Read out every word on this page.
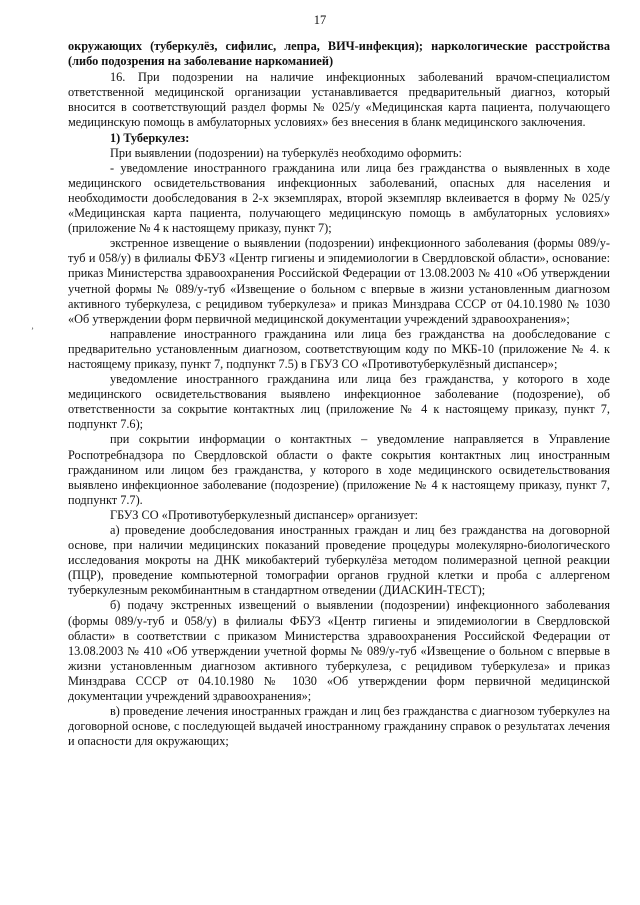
17
ʼ

окружающих (туберкулёз, сифилис, лепра, ВИЧ-инфекция); наркологические расстройства (либо подозрения на заболевание наркоманией)

16. При подозрении на наличие инфекционных заболеваний врачом-специалистом ответственной медицинской организации устанавливается предварительный диагноз, который вносится в соответствующий раздел формы № 025/у «Медицинская карта пациента, получающего медицинскую помощь в амбулаторных условиях» без внесения в бланк медицинского заключения.

1) Туберкулез:

При выявлении (подозрении) на туберкулёз необходимо оформить:

- уведомление иностранного гражданина или лица без гражданства о выявленных в ходе медицинского освидетельствования инфекционных заболеваний, опасных для населения и необходимости дообследования в 2-х экземплярах, второй экземпляр вклеивается в форму № 025/у «Медицинская карта пациента, получающего медицинскую помощь в амбулаторных условиях» (приложение № 4 к настоящему приказу, пункт 7);

экстренное извещение о выявлении (подозрении) инфекционного заболевания (формы 089/у-туб и 058/у) в филиалы ФБУЗ «Центр гигиены и эпидемиологии в Свердловской области», основание: приказ Министерства здравоохранения Российской Федерации от 13.08.2003 № 410 «Об утверждении учетной формы № 089/у-туб «Извещение о больном с впервые в жизни установленным диагнозом активного туберкулеза, с рецидивом туберкулеза» и приказ Минздрава СССР от 04.10.1980 № 1030 «Об утверждении форм первичной медицинской документации учреждений здравоохранения»;

направление иностранного гражданина или лица без гражданства на дообследование с предварительно установленным диагнозом, соответствующим коду по МКБ-10 (приложение № 4. к настоящему приказу, пункт 7, подпункт 7.5) в ГБУЗ СО «Противотуберкулёзный диспансер»;

уведомление иностранного гражданина или лица без гражданства, у которого в ходе медицинского освидетельствования выявлено инфекционное заболевание (подозрение), об ответственности за сокрытие контактных лиц (приложение № 4 к настоящему приказу, пункт 7, подпункт 7.6);

при сокрытии информации о контактных – уведомление направляется в Управление Роспотребнадзора по Свердловской области о факте сокрытия контактных лиц иностранным гражданином или лицом без гражданства, у которого в ходе медицинского освидетельствования выявлено инфекционное заболевание (подозрение) (приложение № 4 к настоящему приказу, пункт 7, подпункт 7.7).

ГБУЗ СО «Противотуберкулезный диспансер» организует:

а) проведение дообследования иностранных граждан и лиц без гражданства на договорной основе, при наличии медицинских показаний проведение процедуры молекулярно-биологического исследования мокроты на ДНК микобактерий туберкулёза методом полимеразной цепной реакции (ПЦР), проведение компьютерной томографии органов грудной клетки и проба с аллергеном туберкулезным рекомбинантным в стандартном отведении (ДИАСКИН-ТЕСТ);

б) подачу экстренных извещений о выявлении (подозрении) инфекционного заболевания (формы 089/у-туб и 058/у) в филиалы ФБУЗ «Центр гигиены и эпидемиологии в Свердловской области» в соответствии с приказом Министерства здравоохранения Российской Федерации от 13.08.2003 № 410 «Об утверждении учетной формы № 089/у-туб «Извещение о больном с впервые в жизни установленным диагнозом активного туберкулеза, с рецидивом туберкулеза» и приказ Минздрава СССР от 04.10.1980 № 1030 «Об утверждении форм первичной медицинской документации учреждений здравоохранения»;

в) проведение лечения иностранных граждан и лиц без гражданства с диагнозом туберкулез на договорной основе, с последующей выдачей иностранному гражданину справок о результатах лечения и опасности для окружающих;
